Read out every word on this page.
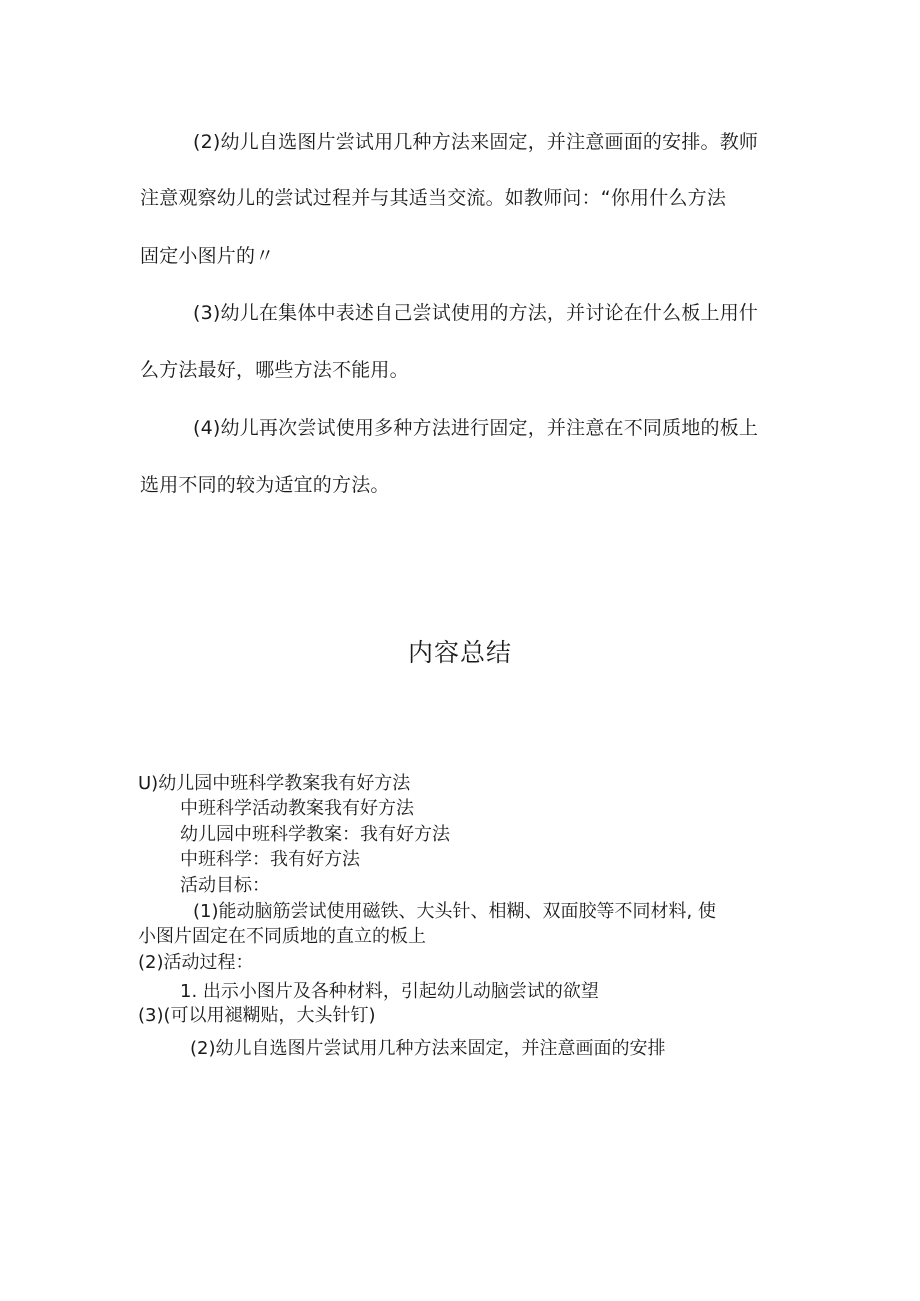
(2)幼儿自选图片尝试用几种方法来固定，并注意画面的安排。教师
注意观察幼儿的尝试过程并与其适当交流。如教师问：“你用什么方法
固定小图片的〃
(3)幼儿在集体中表述自己尝试使用的方法，并讨论在什么板上用什
么方法最好，哪些方法不能用。
(4)幼儿再次尝试使用多种方法进行固定，并注意在不同质地的板上
选用不同的较为适宜的方法。
内容总结
U)幼儿园中班科学教案我有好方法
中班科学活动教案我有好方法
幼儿园中班科学教案：我有好方法
中班科学：我有好方法
活动目标：
(1)能动脑筋尝试使用磁铁、大头针、相糊、双面胶等不同材料, 使
小图片固定在不同质地的直立的板上
(2)活动过程：
1. 出示小图片及各种材料，引起幼儿动脑尝试的欲望
(3)(可以用褪糊贴，大头针钉)
(2)幼儿自选图片尝试用几种方法来固定，并注意画面的安排
